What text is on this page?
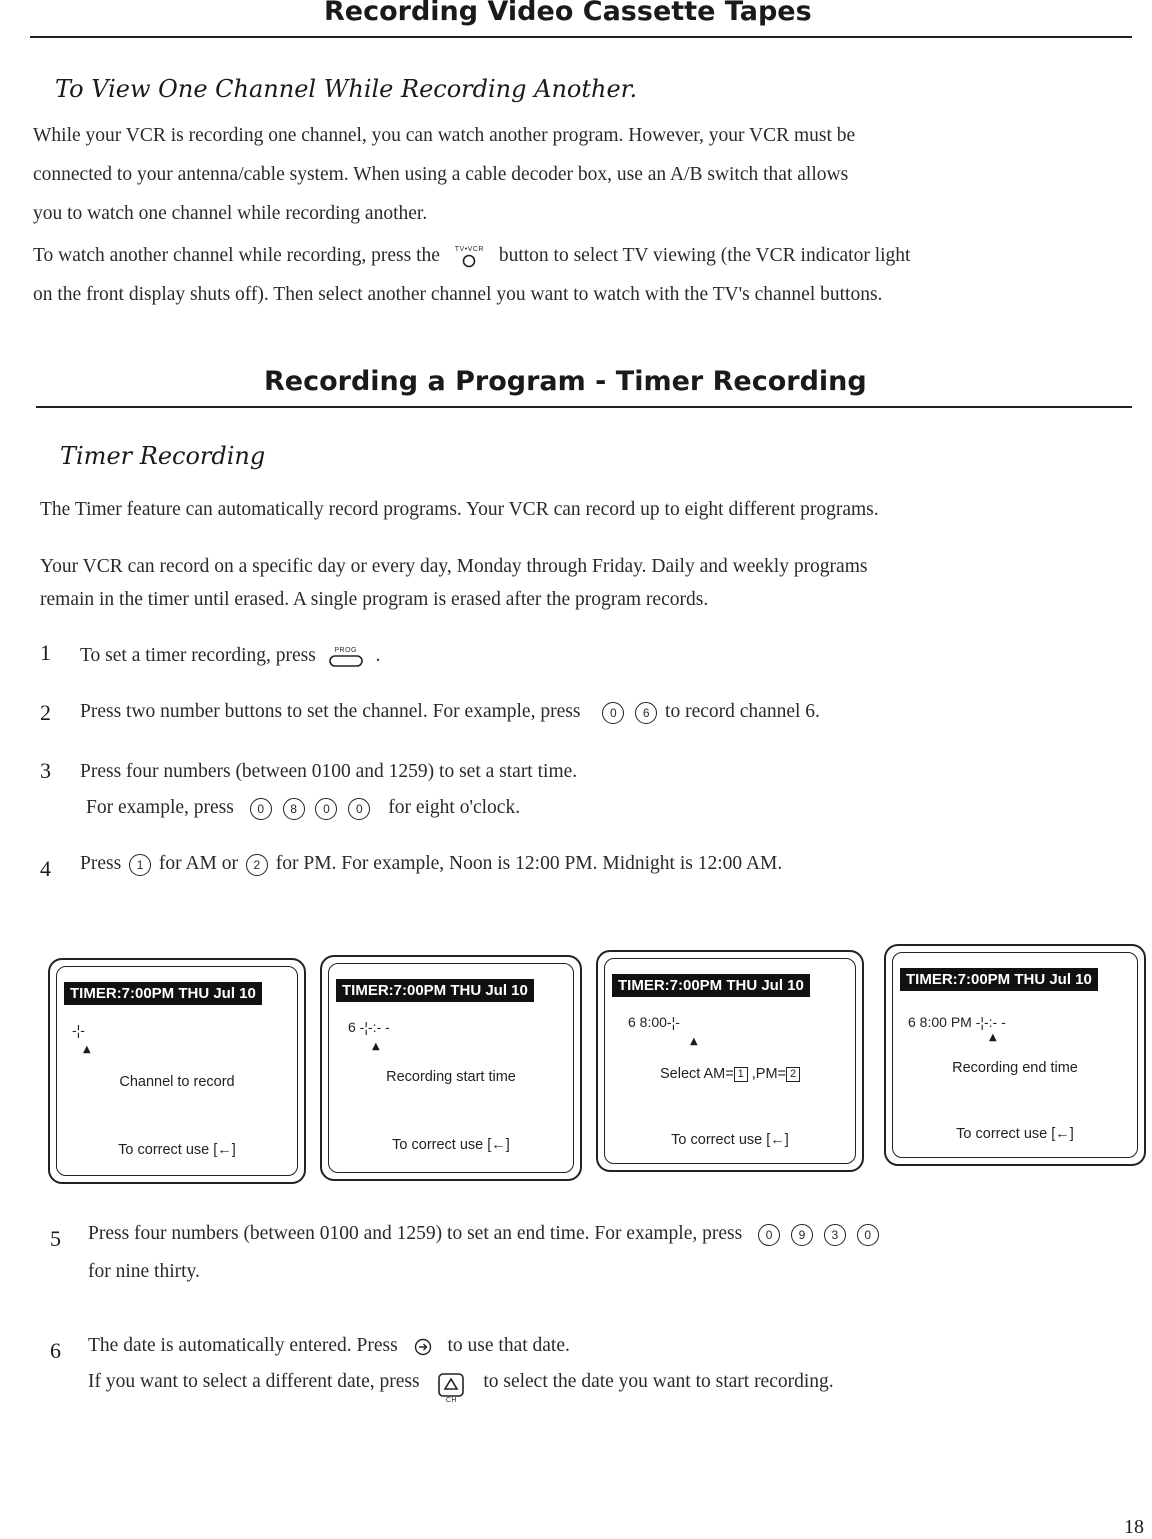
Recording Video Cassette Tapes
To View One Channel While Recording Another.
While your VCR is recording one channel, you can watch another program. However, your VCR must be
connected to your antenna/cable system. When using a cable decoder box, use an A/B switch that allows
you to watch one channel while recording another.
To watch another channel while recording, press the TV•VCR button to select TV viewing (the VCR indicator light
on the front display shuts off). Then select another channel you want to watch with the TV's channel buttons.
Recording a Program - Timer Recording
Timer Recording
The Timer feature can automatically record programs. Your VCR can record up to eight different programs.
Your VCR can record on a specific day or every day, Monday through Friday. Daily and weekly programs
remain in the timer until erased. A single program is erased after the program records.
1 To set a timer recording, press	PROG .
2 Press two number buttons to set the channel. For example, press 0 6 to record channel 6.
3 Press four numbers (between 0100 and 1259) to set a start time.
For example, press 0 8 0 0 for eight o'clock.
4 Press 1 for AM or 2 for PM. For example, Noon is 12:00 PM. Midnight is 12:00 AM.
TIMER:7:00PM THU Jul 10
-¦-
▲
Channel to record
To correct use [←]
TIMER:7:00PM THU Jul 10
6 -¦-:- -
▲
Recording start time
To correct use [←]
TIMER:7:00PM THU Jul 10
6 8:00-¦-
▲
Select AM= 1 ,PM= 2
To correct use [←]
TIMER:7:00PM THU Jul 10
6 8:00 PM -¦-:- -
▲
Recording end time
To correct use [←]
5 Press four numbers (between 0100 and 1259) to set an end time. For example, press 0 9 3 0
for nine thirty.
6 The date is automatically entered. Press	to use that date.
If you want to select a different date, press
CH
to select the date you want to start recording.
18
